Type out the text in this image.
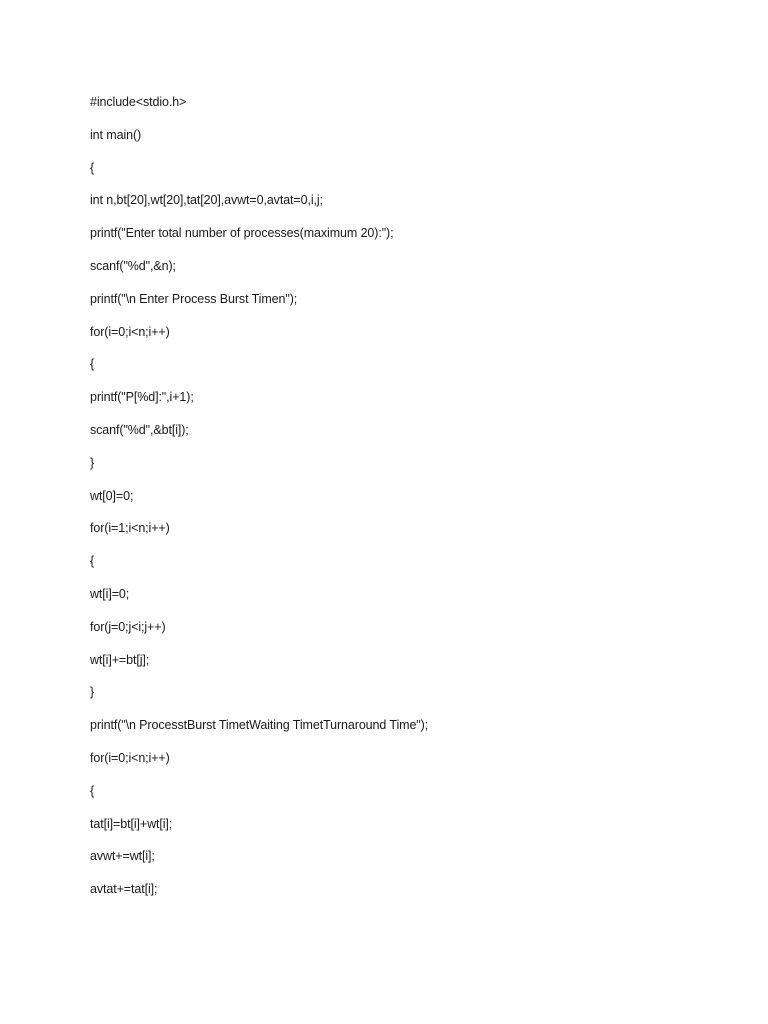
#include<stdio.h>
int main()
{
int n,bt[20],wt[20],tat[20],avwt=0,avtat=0,i,j;
printf("Enter total number of processes(maximum 20):");
scanf("%d",&n);
printf("\n Enter Process Burst Timen");
for(i=0;i<n;i++)
{
printf("P[%d]:",i+1);
scanf("%d",&bt[i]);
}
wt[0]=0;
for(i=1;i<n;i++)
{
wt[i]=0;
for(j=0;j<i;j++)
wt[i]+=bt[j];
}
printf("\n ProcesstBurst TimetWaiting TimetTurnaround Time");
for(i=0;i<n;i++)
{
tat[i]=bt[i]+wt[i];
avwt+=wt[i];
avtat+=tat[i];
